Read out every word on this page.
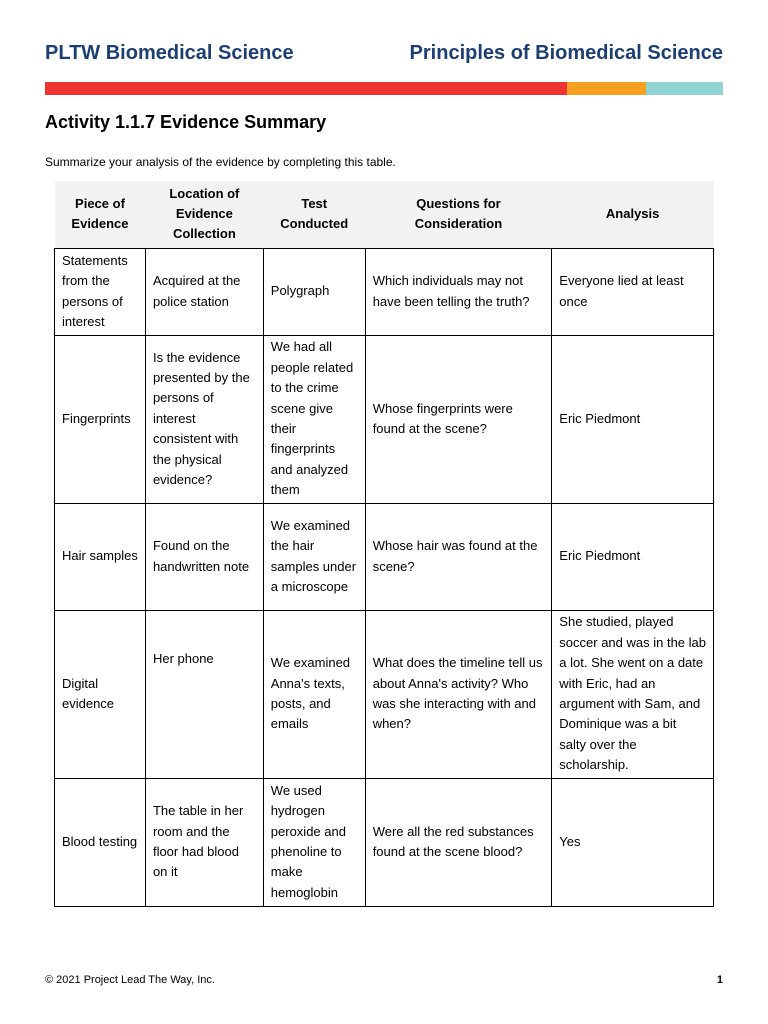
PLTW Biomedical Science	Principles of Biomedical Science
Activity 1.1.7 Evidence Summary
Summarize your analysis of the evidence by completing this table.
Piece of Evidence	Location of Evidence Collection	Test Conducted	Questions for Consideration	Analysis
Statements from the persons of interest	Acquired at the police station	Polygraph	Which individuals may not have been telling the truth?	Everyone lied at least once
Fingerprints	Is the evidence presented by the persons of interest consistent with the physical evidence?	We had all people related to the crime scene give their fingerprints and analyzed them	Whose fingerprints were found at the scene?	Eric Piedmont
Hair samples	Found on the handwritten note	We examined the hair samples under a microscope	Whose hair was found at the scene?	Eric Piedmont
Digital evidence	Her phone	We examined Anna's texts, posts, and emails	What does the timeline tell us about Anna's activity? Who was she interacting with and when?	She studied, played soccer and was in the lab a lot. She went on a date with Eric, had an argument with Sam, and Dominique was a bit salty over the scholarship.
Blood testing	The table in her room and the floor had blood on it	We used hydrogen peroxide and phenoline to make hemoglobin	Were all the red substances found at the scene blood?	Yes
© 2021 Project Lead The Way, Inc.	1
